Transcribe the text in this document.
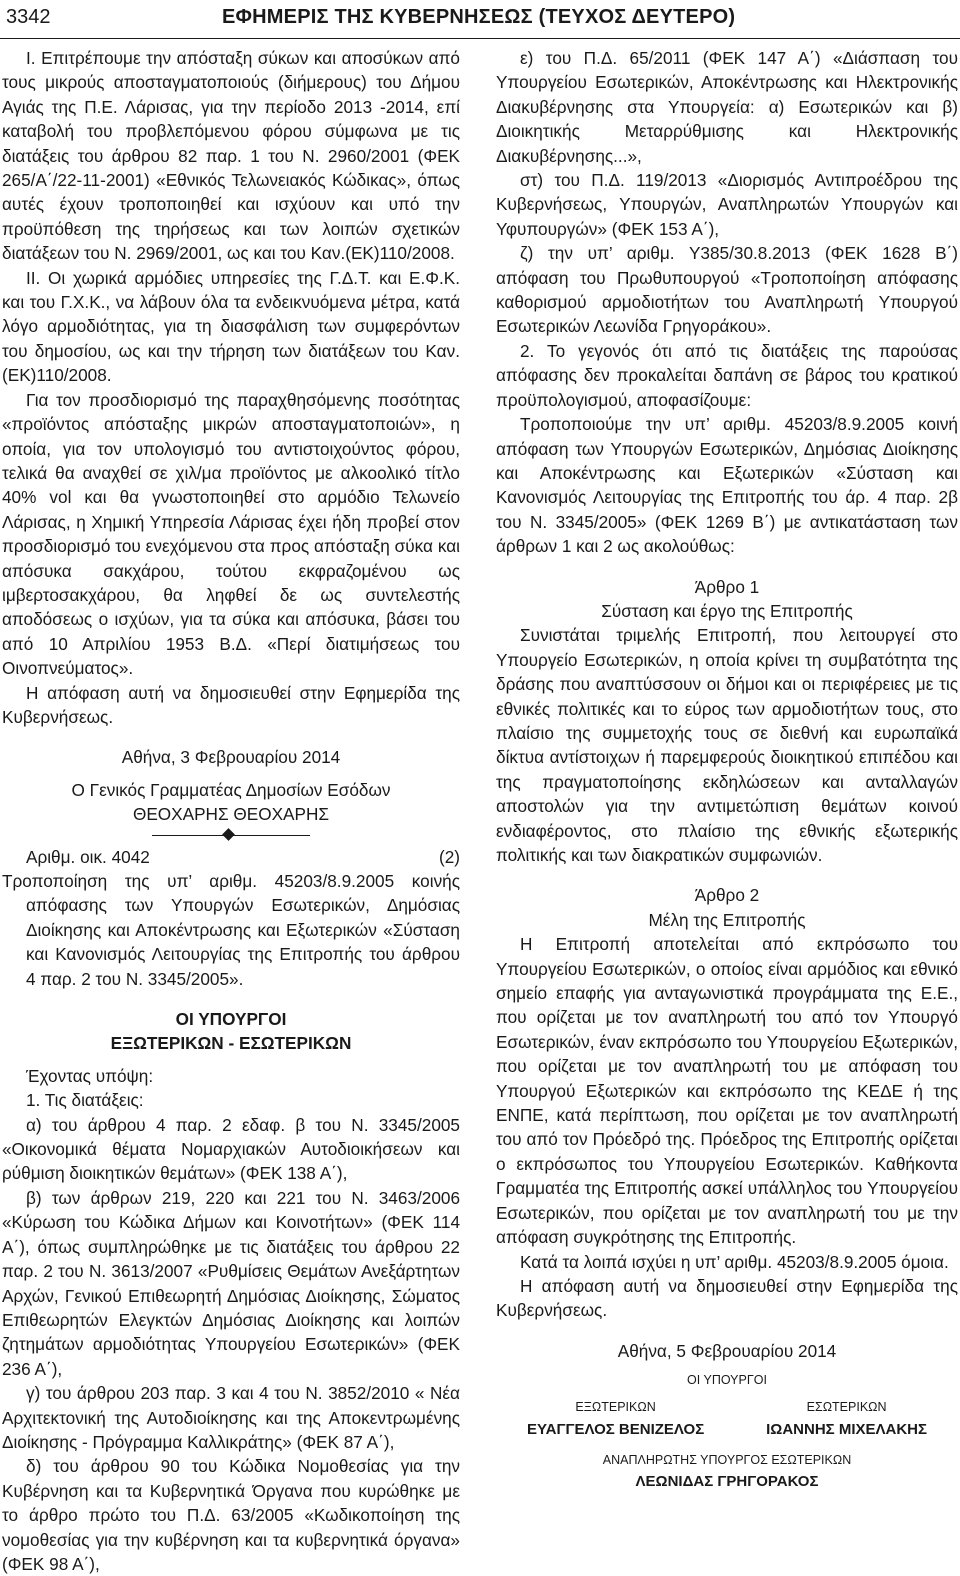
3342	ΕΦΗΜΕΡΙΣ ΤΗΣ ΚΥΒΕΡΝΗΣΕΩΣ (ΤΕΥΧΟΣ ΔΕΥΤΕΡΟ)

I. Επιτρέπουμε την απόσταξη σύκων και αποσύκων από τους μικρούς αποσταγματοποιούς (διήμερους) του Δήμου Αγιάς της Π.Ε. Λάρισας, για την περίοδο 2013 -2014, επί καταβολή του προβλεπόμενου φόρου σύμφωνα με τις διατάξεις του άρθρου 82 παρ. 1 του Ν. 2960/2001 (ΦΕΚ 265/Α΄/22-11-2001) «Εθνικός Τελωνειακός Κώδικας», όπως αυτές έχουν τροποποιηθεί και ισχύουν και υπό την προϋπόθεση της τηρήσεως και των λοιπών σχετικών διατάξεων του Ν. 2969/2001, ως και του Καν.(ΕΚ)110/2008.

ΙΙ. Οι χωρικά αρμόδιες υπηρεσίες της Γ.Δ.Τ. και Ε.Φ.Κ. και του Γ.Χ.Κ., να λάβουν όλα τα ενδεικνυόμενα μέτρα, κατά λόγο αρμοδιότητας, για τη διασφάλιση των συμφερόντων του δημοσίου, ως και την τήρηση των διατάξεων του Καν.(ΕΚ)110/2008.

Για τον προσδιορισμό της παραχθησόμενης ποσότητας «προϊόντος απόσταξης μικρών αποσταγματοποιών», η οποία, για τον υπολογισμό του αντιστοιχούντος φόρου, τελικά θα αναχθεί σε χιλ/μα προϊόντος με αλκοολικό τίτλο 40% vol και θα γνωστοποιηθεί στο αρμόδιο Τελωνείο Λάρισας, η Χημική Υπηρεσία Λάρισας έχει ήδη προβεί στον προσδιορισμό του ενεχόμενου στα προς απόσταξη σύκα και απόσυκα σακχάρου, τούτου εκφραζομένου ως ιμβερτοσακχάρου, θα ληφθεί δε ως συντελεστής αποδόσεως ο ισχύων, για τα σύκα και απόσυκα, βάσει του από 10 Απριλίου 1953 Β.Δ. «Περί διατιμήσεως του Οινοπνεύματος».

Η απόφαση αυτή να δημοσιευθεί στην Εφημερίδα της Κυβερνήσεως.

Αθήνα, 3 Φεβρουαρίου 2014

Ο Γενικός Γραμματέας Δημοσίων Εσόδων

ΘΕΟΧΑΡΗΣ ΘΕΟΧΑΡΗΣ

Αριθμ. οικ. 4042	(2)

Τροποποίηση της υπ’ αριθμ. 45203/8.9.2005 κοινής απόφασης των Υπουργών Εσωτερικών, Δημόσιας Διοίκησης και Αποκέντρωσης και Εξωτερικών «Σύσταση και Κανονισμός Λειτουργίας της Επιτροπής του άρθρου 4 παρ. 2 του Ν. 3345/2005».

ΟΙ ΥΠΟΥΡΓΟΙ

ΕΞΩΤΕΡΙΚΩΝ - ΕΣΩΤΕΡΙΚΩΝ

Έχοντας υπόψη:

1. Τις διατάξεις:

α) του άρθρου 4 παρ. 2 εδαφ. β του Ν. 3345/2005 «Οικονομικά θέματα Νομαρχιακών Αυτοδιοικήσεων και ρύθμιση διοικητικών θεμάτων» (ΦΕΚ 138 Α΄),

β) των άρθρων 219, 220 και 221 του Ν. 3463/2006 «Κύρωση του Κώδικα Δήμων και Κοινοτήτων» (ΦΕΚ 114 Α΄), όπως συμπληρώθηκε με τις διατάξεις του άρθρου 22 παρ. 2 του Ν. 3613/2007 «Ρυθμίσεις Θεμάτων Ανεξάρτητων Αρχών, Γενικού Επιθεωρητή Δημόσιας Διοίκησης, Σώματος Επιθεωρητών Ελεγκτών Δημόσιας Διοίκησης και λοιπών ζητημάτων αρμοδιότητας Υπουργείου Εσωτερικών» (ΦΕΚ 236 Α΄),

γ) του άρθρου 203 παρ. 3 και 4 του Ν. 3852/2010 « Νέα Αρχιτεκτονική της Αυτοδιοίκησης και της Αποκεντρωμένης Διοίκησης - Πρόγραμμα Καλλικράτης» (ΦΕΚ 87 Α΄),

δ) του άρθρου 90 του Κώδικα Νομοθεσίας για την Κυβέρνηση και τα Κυβερνητικά Όργανα που κυρώθηκε με το άρθρο πρώτο του Π.Δ. 63/2005 «Κωδικοποίηση της νομοθεσίας για την κυβέρνηση και τα κυβερνητικά όργανα» (ΦΕΚ 98 Α΄),

ε) του Π.Δ. 65/2011 (ΦΕΚ 147 Α΄) «Διάσπαση του Υπουργείου Εσωτερικών, Αποκέντρωσης και Ηλεκτρονικής Διακυβέρνησης στα Υπουργεία: α) Εσωτερικών και β) Διοικητικής Μεταρρύθμισης και Ηλεκτρονικής Διακυβέρνησης...»,

στ) του Π.Δ. 119/2013 «Διορισμός Αντιπροέδρου της Κυβερνήσεως, Υπουργών, Αναπληρωτών Υπουργών και Υφυπουργών» (ΦΕΚ 153 Α΄),

ζ) την υπ’ αριθμ. Υ385/30.8.2013 (ΦΕΚ 1628 Β΄) απόφαση του Πρωθυπουργού «Τροποποίηση απόφασης καθορισμού αρμοδιοτήτων του Αναπληρωτή Υπουργού Εσωτερικών Λεωνίδα Γρηγοράκου».

2. Το γεγονός ότι από τις διατάξεις της παρούσας απόφασης δεν προκαλείται δαπάνη σε βάρος του κρατικού προϋπολογισμού, αποφασίζουμε:

Τροποποιούμε την υπ’ αριθμ. 45203/8.9.2005 κοινή απόφαση των Υπουργών Εσωτερικών, Δημόσιας Διοίκησης και Αποκέντρωσης και Εξωτερικών «Σύσταση και Κανονισμός Λειτουργίας της Επιτροπής του άρ. 4 παρ. 2β του Ν. 3345/2005» (ΦΕΚ 1269 Β΄) με αντικατάσταση των άρθρων 1 και 2 ως ακολούθως:

Άρθρο 1

Σύσταση και έργο της Επιτροπής

Συνιστάται τριμελής Επιτροπή, που λειτουργεί στο Υπουργείο Εσωτερικών, η οποία κρίνει τη συμβατότητα της δράσης που αναπτύσσουν οι δήμοι και οι περιφέρειες με τις εθνικές πολιτικές και το εύρος των αρμοδιοτήτων τους, στο πλαίσιο της συμμετοχής τους σε διεθνή και ευρωπαϊκά δίκτυα αντίστοιχων ή παρεμφερούς διοικητικού επιπέδου και της πραγματοποίησης εκδηλώσεων και ανταλλαγών αποστολών για την αντιμετώπιση θεμάτων κοινού ενδιαφέροντος, στο πλαίσιο της εθνικής εξωτερικής πολιτικής και των διακρατικών συμφωνιών.

Άρθρο 2

Μέλη της Επιτροπής

Η Επιτροπή αποτελείται από εκπρόσωπο του Υπουργείου Εσωτερικών, ο οποίος είναι αρμόδιος και εθνικό σημείο επαφής για ανταγωνιστικά προγράμματα της Ε.Ε., που ορίζεται με τον αναπληρωτή του από τον Υπουργό Εσωτερικών, έναν εκπρόσωπο του Υπουργείου Εξωτερικών, που ορίζεται με τον αναπληρωτή του με απόφαση του Υπουργού Εξωτερικών και εκπρόσωπο της ΚΕΔΕ ή της ΕΝΠΕ, κατά περίπτωση, που ορίζεται με τον αναπληρωτή του από τον Πρόεδρό της. Πρόεδρος της Επιτροπής ορίζεται ο εκπρόσωπος του Υπουργείου Εσωτερικών. Καθήκοντα Γραμματέα της Επιτροπής ασκεί υπάλληλος του Υπουργείου Εσωτερικών, που ορίζεται με τον αναπληρωτή του με την απόφαση συγκρότησης της Επιτροπής.

Κατά τα λοιπά ισχύει η υπ’ αριθμ. 45203/8.9.2005 όμοια.

Η απόφαση αυτή να δημοσιευθεί στην Εφημερίδα της Κυβερνήσεως.

Αθήνα, 5 Φεβρουαρίου 2014

ΟΙ ΥΠΟΥΡΓΟΙ

ΕΞΩΤΕΡΙΚΩΝ
ΕΥΑΓΓΕΛΟΣ ΒΕΝΙΖΕΛΟΣ
ΕΣΩΤΕΡΙΚΩΝ
ΙΩΑΝΝΗΣ ΜΙΧΕΛΑΚΗΣ

ΑΝΑΠΛΗΡΩΤΗΣ ΥΠΟΥΡΓΟΣ ΕΣΩΤΕΡΙΚΩΝ

ΛΕΩΝΙΔΑΣ ΓΡΗΓΟΡΑΚΟΣ
